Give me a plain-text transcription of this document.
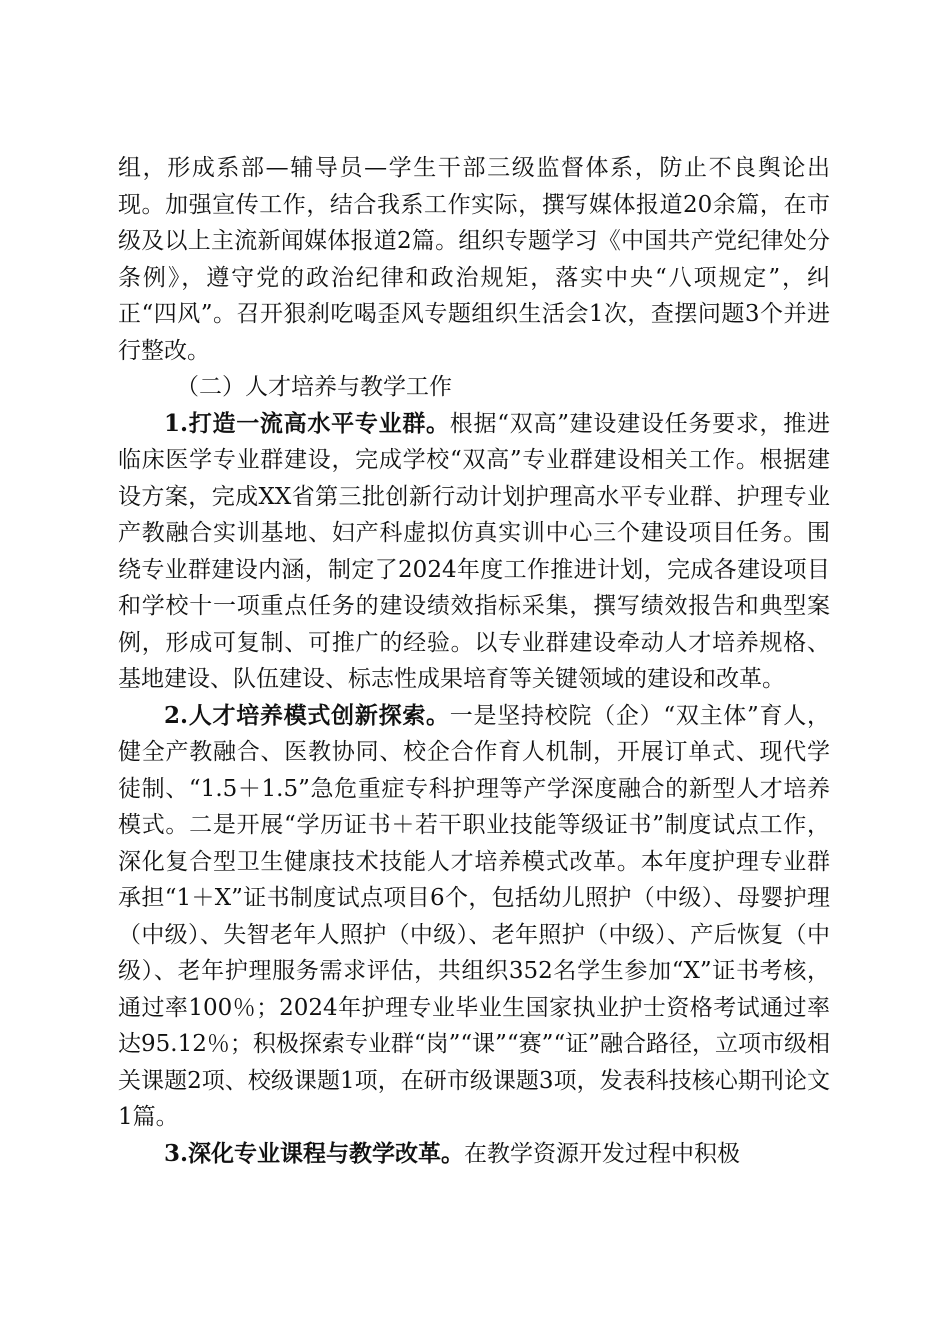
组，形成系部—辅导员—学生干部三级监督体系，防止不良舆论出现。加强宣传工作，结合我系工作实际，撰写媒体报道20余篇，在市级及以上主流新闻媒体报道2篇。组织专题学习《中国共产党纪律处分条例》，遵守党的政治纪律和政治规矩，落实中央“八项规定”，纠正“四风”。召开狠刹吃喝歪风专题组织生活会1次，查摆问题3个并进行整改。

（二）人才培养与教学工作

1.打造一流高水平专业群。根据“双高”建设建设任务要求，推进临床医学专业群建设，完成学校“双高”专业群建设相关工作。根据建设方案，完成XX省第三批创新行动计划护理高水平专业群、护理专业产教融合实训基地、妇产科虚拟仿真实训中心三个建设项目任务。围绕专业群建设内涵，制定了2024年度工作推进计划，完成各建设项目和学校十一项重点任务的建设绩效指标采集，撰写绩效报告和典型案例，形成可复制、可推广的经验。以专业群建设牵动人才培养规格、基地建设、队伍建设、标志性成果培育等关键领域的建设和改革。

2.人才培养模式创新探索。一是坚持校院（企）“双主体”育人，健全产教融合、医教协同、校企合作育人机制，开展订单式、现代学徒制、“1.5＋1.5”急危重症专科护理等产学深度融合的新型人才培养模式。二是开展“学历证书＋若干职业技能等级证书”制度试点工作，深化复合型卫生健康技术技能人才培养模式改革。本年度护理专业群承担“1＋X”证书制度试点项目6个，包括幼儿照护（中级）、母婴护理（中级）、失智老年人照护（中级）、老年照护（中级）、产后恢复（中级）、老年护理服务需求评估，共组织352名学生参加“X”证书考核，通过率100％；2024年护理专业毕业生国家执业护士资格考试通过率达95.12％；积极探索专业群“岗”“课”“赛”“证”融合路径，立项市级相关课题2项、校级课题1项，在研市级课题3项，发表科技核心期刊论文1篇。

3.深化专业课程与教学改革。在教学资源开发过程中积极
